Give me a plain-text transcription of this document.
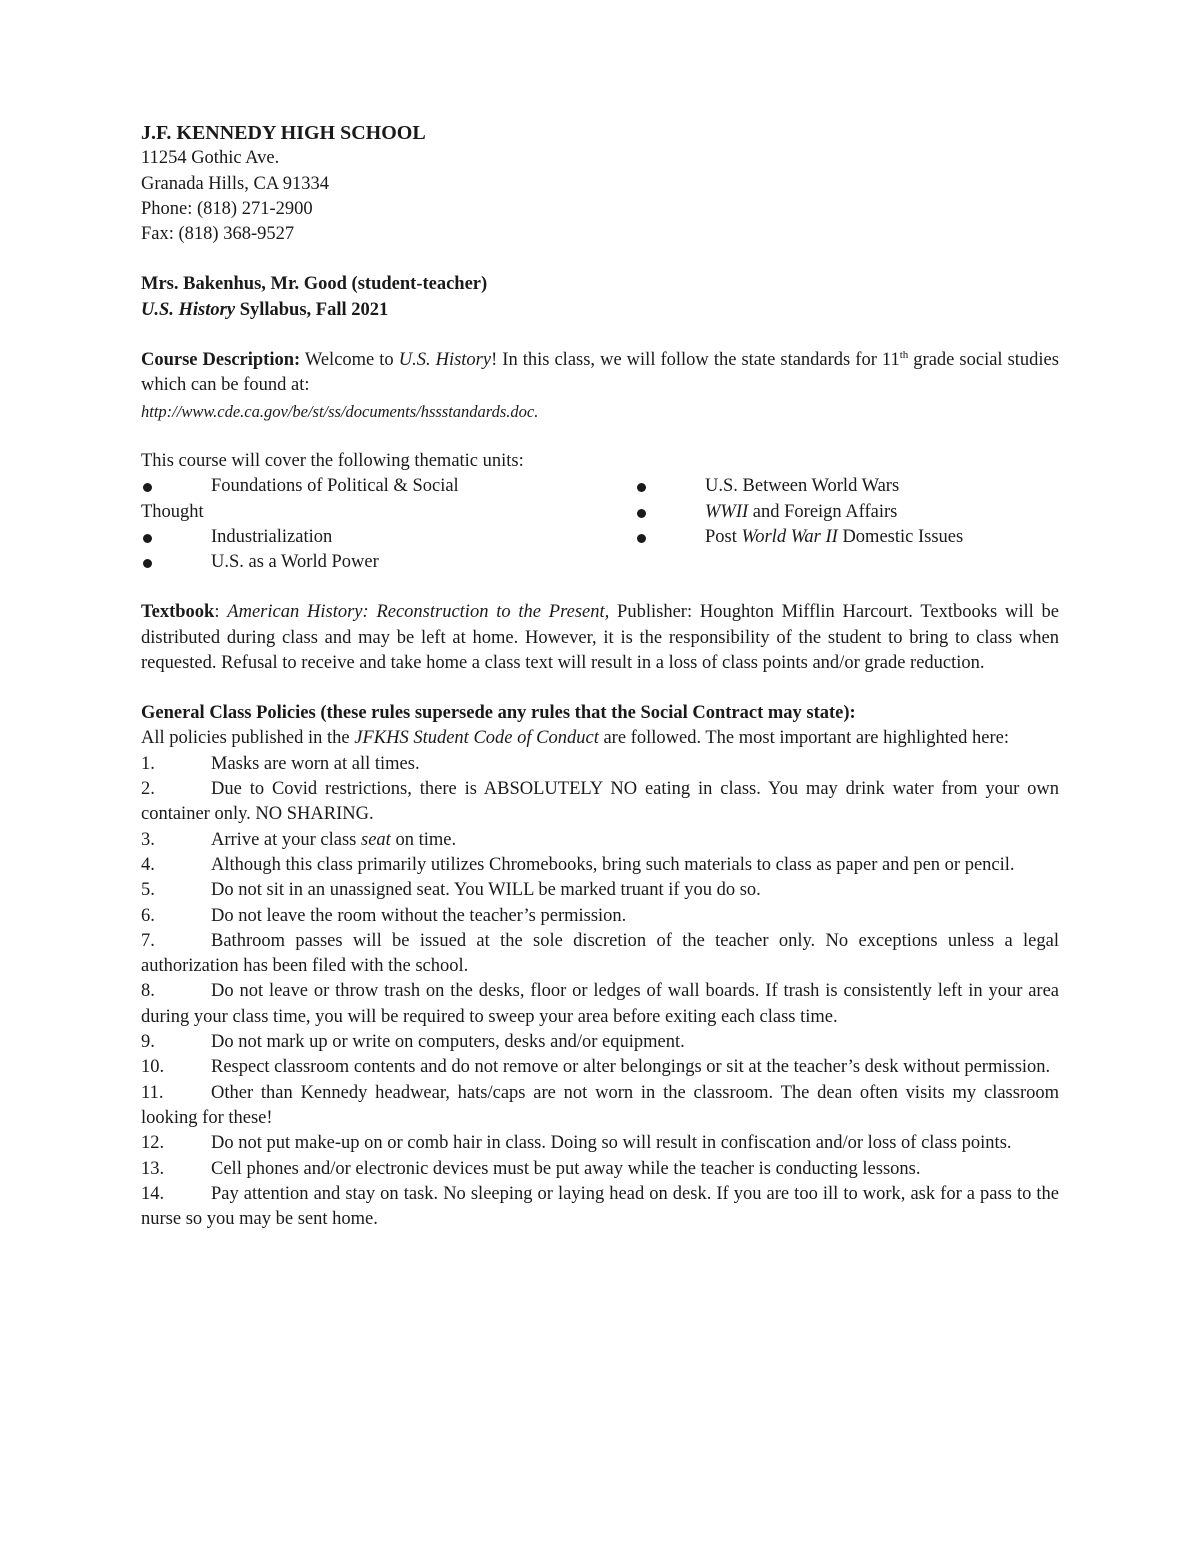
J.F. KENNEDY HIGH SCHOOL
11254 Gothic Ave.
Granada Hills, CA 91334
Phone: (818) 271-2900
Fax: (818) 368-9527
Mrs. Bakenhus, Mr. Good (student-teacher)
U.S. History Syllabus, Fall 2021
Course Description: Welcome to U.S. History! In this class, we will follow the state standards for 11th grade social studies which can be found at:
http://www.cde.ca.gov/be/st/ss/documents/hssstandards.doc.
This course will cover the following thematic units:
Foundations of Political & Social
Thought
Industrialization
U.S. as a World Power
U.S. Between World Wars
WWII and Foreign Affairs
Post World War II Domestic Issues
Textbook: American History: Reconstruction to the Present, Publisher: Houghton Mifflin Harcourt. Textbooks will be distributed during class and may be left at home. However, it is the responsibility of the student to bring to class when requested. Refusal to receive and take home a class text will result in a loss of class points and/or grade reduction.
General Class Policies (these rules supersede any rules that the Social Contract may state):
All policies published in the JFKHS Student Code of Conduct are followed. The most important are highlighted here:
1.	Masks are worn at all times.
2.	Due to Covid restrictions, there is ABSOLUTELY NO eating in class. You may drink water from your own container only. NO SHARING.
3.	Arrive at your class seat on time.
4.	Although this class primarily utilizes Chromebooks, bring such materials to class as paper and pen or pencil.
5.	Do not sit in an unassigned seat. You WILL be marked truant if you do so.
6.	Do not leave the room without the teacher’s permission.
7.	Bathroom passes will be issued at the sole discretion of the teacher only. No exceptions unless a legal authorization has been filed with the school.
8.	Do not leave or throw trash on the desks, floor or ledges of wall boards. If trash is consistently left in your area during your class time, you will be required to sweep your area before exiting each class time.
9.	Do not mark up or write on computers, desks and/or equipment.
10.	Respect classroom contents and do not remove or alter belongings or sit at the teacher’s desk without permission.
11.	Other than Kennedy headwear, hats/caps are not worn in the classroom. The dean often visits my classroom looking for these!
12.	Do not put make-up on or comb hair in class. Doing so will result in confiscation and/or loss of class points.
13.	Cell phones and/or electronic devices must be put away while the teacher is conducting lessons.
14.	Pay attention and stay on task. No sleeping or laying head on desk. If you are too ill to work, ask for a pass to the nurse so you may be sent home.
